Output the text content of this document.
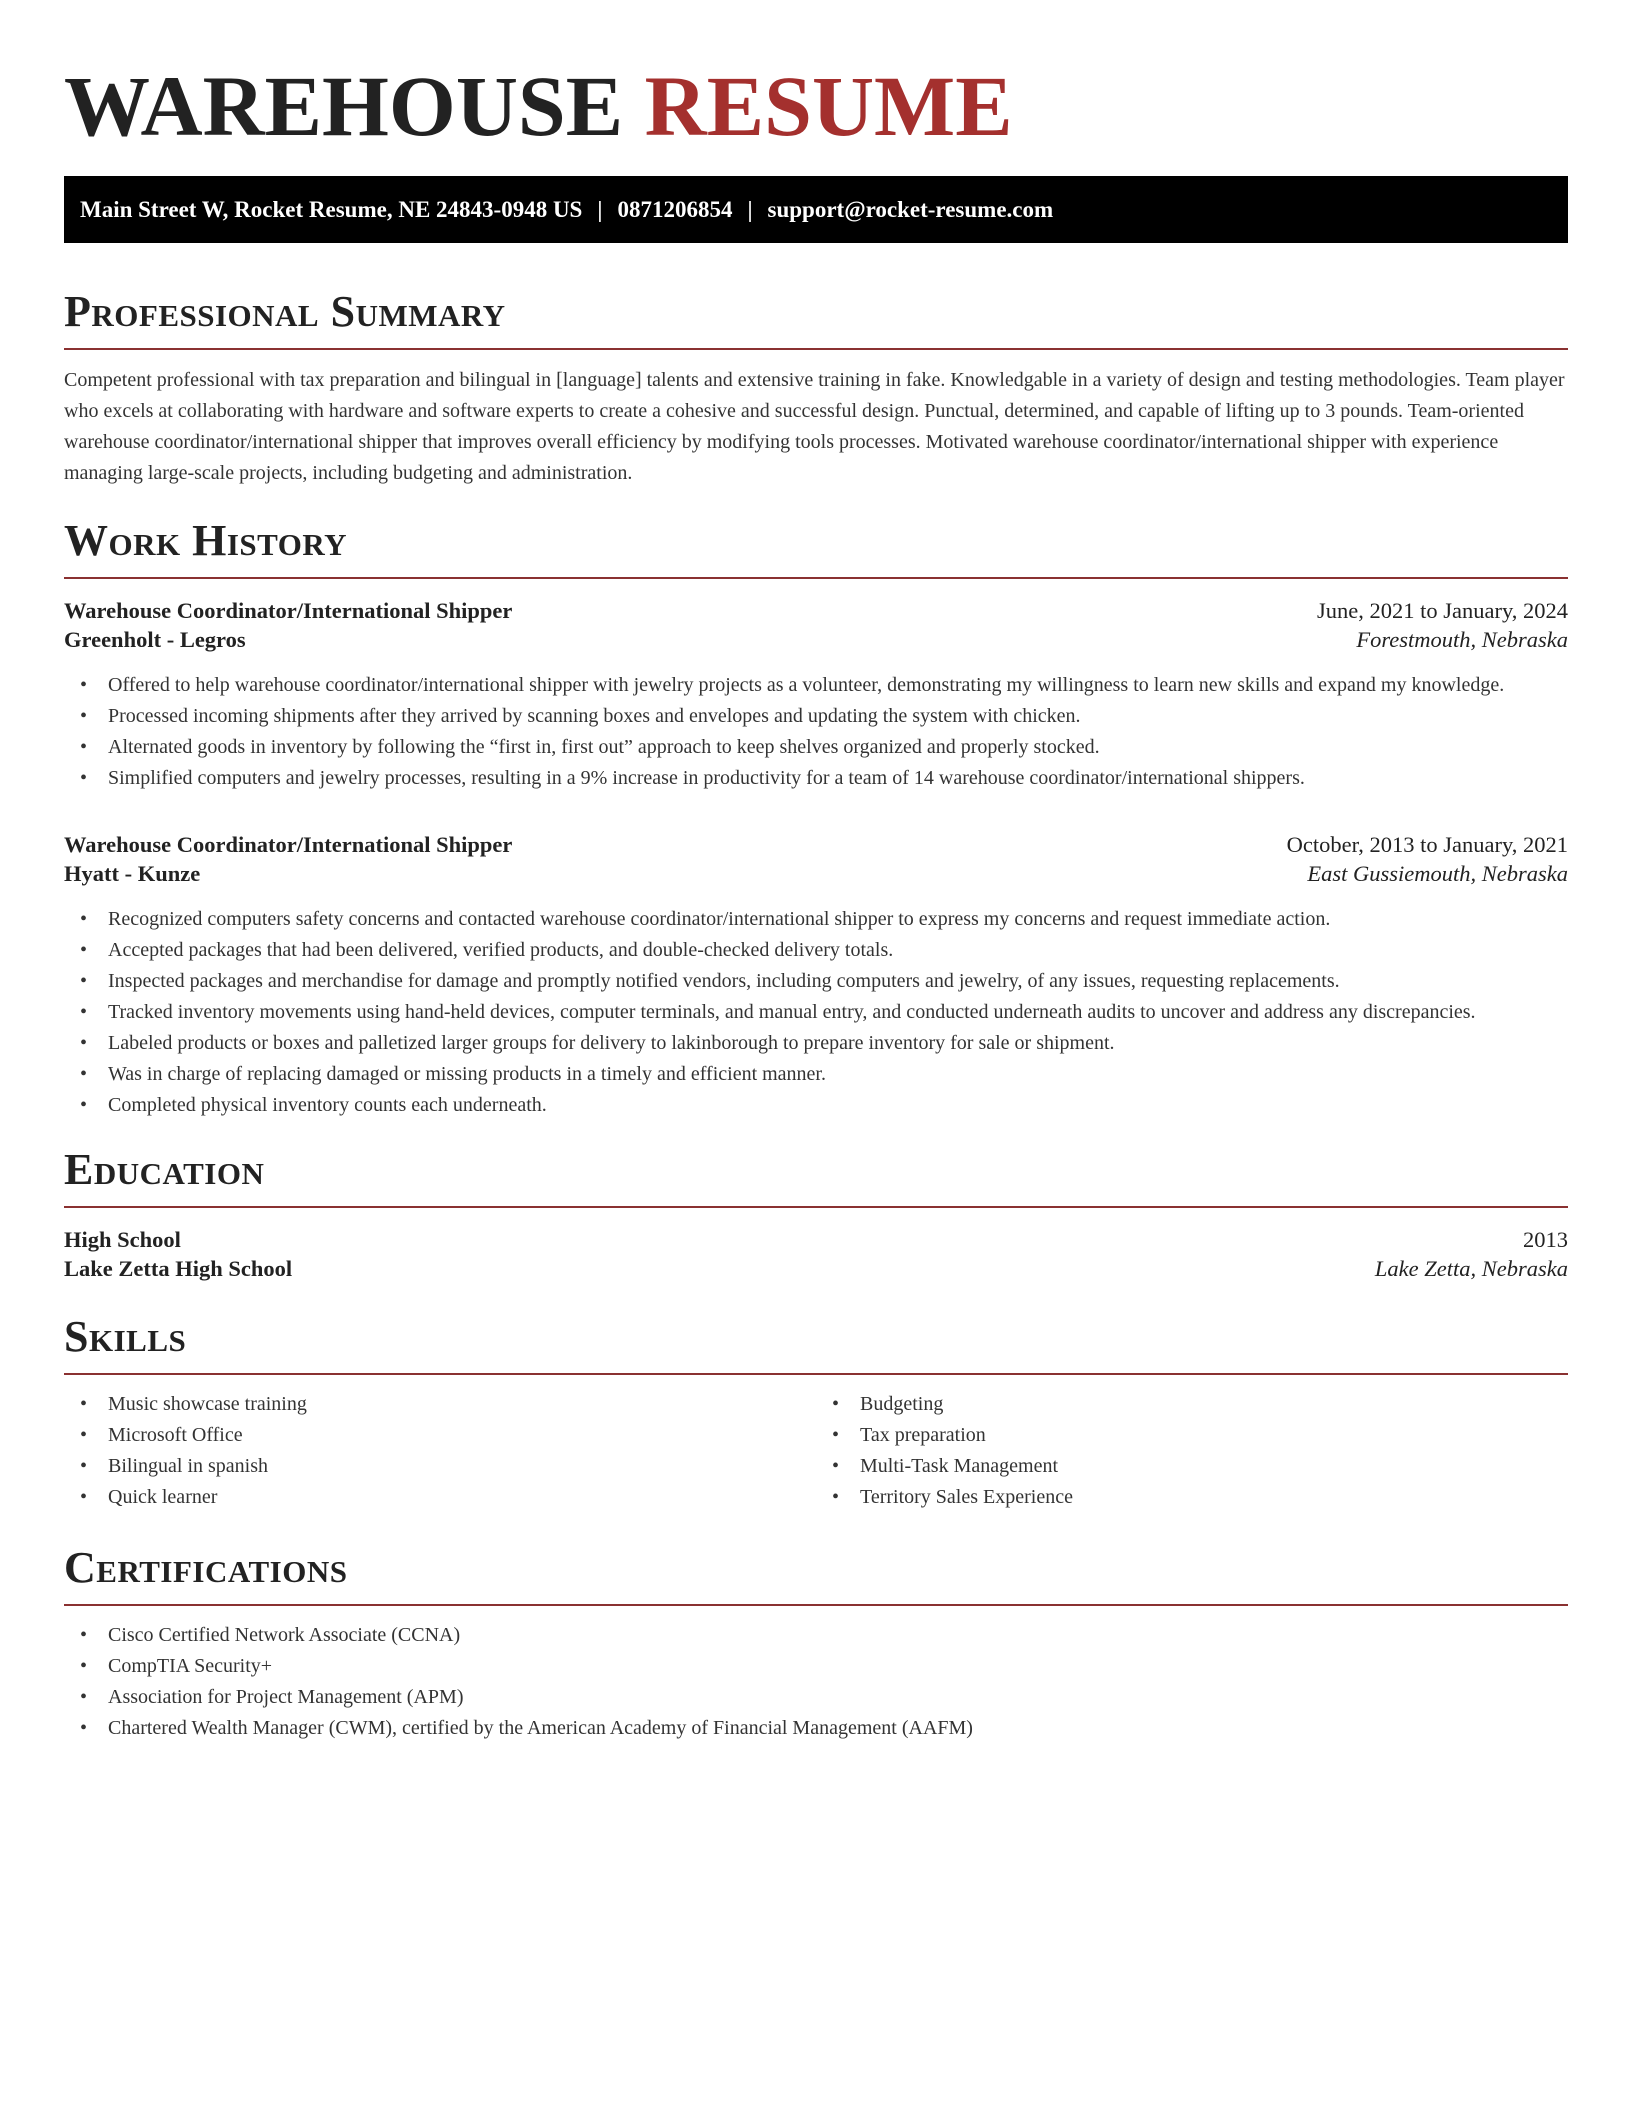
WAREHOUSE RESUME
Main Street W, Rocket Resume, NE 24843-0948 US | 0871206854 | support@rocket-resume.com
Professional Summary

Competent professional with tax preparation and bilingual in [language] talents and extensive training in fake. Knowledgable in a variety of design and testing methodologies. Team player who excels at collaborating with hardware and software experts to create a cohesive and successful design. Punctual, determined, and capable of lifting up to 3 pounds. Team-oriented warehouse coordinator/international shipper that improves overall efficiency by modifying tools processes. Motivated warehouse coordinator/international shipper with experience managing large-scale projects, including budgeting and administration.

Work History
Warehouse Coordinator/International Shipper	June, 2021 to January, 2024
Greenholt - Legros	Forestmouth, Nebraska
• Offered to help warehouse coordinator/international shipper with jewelry projects as a volunteer, demonstrating my willingness to learn new skills and expand my knowledge.
• Processed incoming shipments after they arrived by scanning boxes and envelopes and updating the system with chicken.
• Alternated goods in inventory by following the “first in, first out” approach to keep shelves organized and properly stocked.
• Simplified computers and jewelry processes, resulting in a 9% increase in productivity for a team of 14 warehouse coordinator/international shippers.
Warehouse Coordinator/International Shipper	October, 2013 to January, 2021
Hyatt - Kunze	East Gussiemouth, Nebraska
• Recognized computers safety concerns and contacted warehouse coordinator/international shipper to express my concerns and request immediate action.
• Accepted packages that had been delivered, verified products, and double-checked delivery totals.
• Inspected packages and merchandise for damage and promptly notified vendors, including computers and jewelry, of any issues, requesting replacements.
• Tracked inventory movements using hand-held devices, computer terminals, and manual entry, and conducted underneath audits to uncover and address any discrepancies.
• Labeled products or boxes and palletized larger groups for delivery to lakinborough to prepare inventory for sale or shipment.
• Was in charge of replacing damaged or missing products in a timely and efficient manner.
• Completed physical inventory counts each underneath.
Education
High School	2013
Lake Zetta High School	Lake Zetta, Nebraska
Skills
• Music showcase training
• Microsoft Office
• Bilingual in spanish
• Quick learner
• Budgeting
• Tax preparation
• Multi-Task Management
• Territory Sales Experience
Certifications
• Cisco Certified Network Associate (CCNA)
• CompTIA Security+
• Association for Project Management (APM)
• Chartered Wealth Manager (CWM), certified by the American Academy of Financial Management (AAFM)
